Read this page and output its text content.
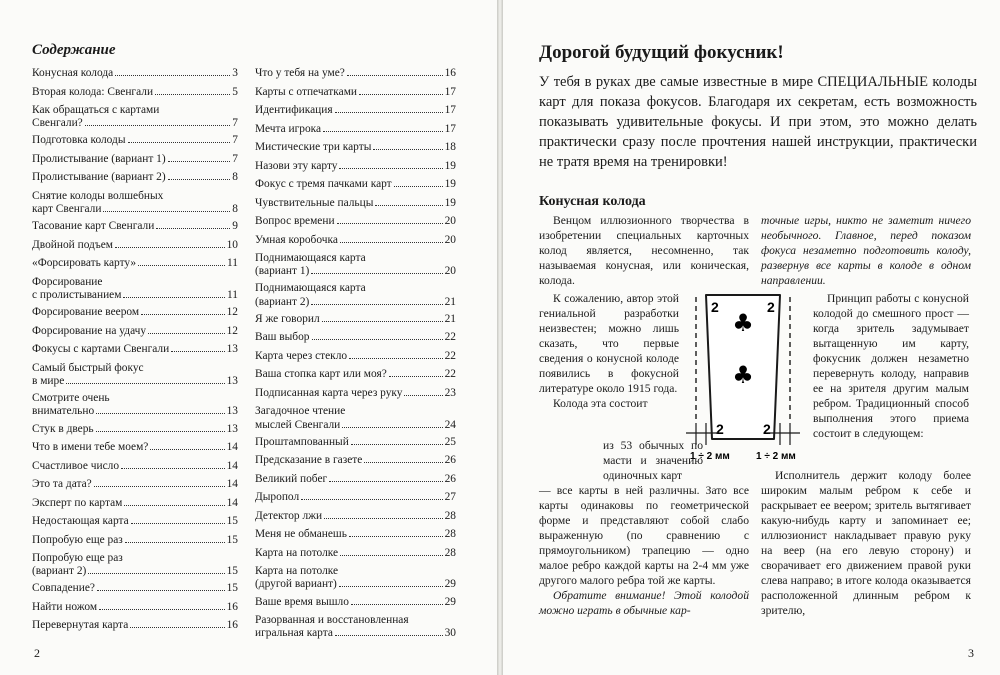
Содержание
Конусная колода	3
Вторая колода: Свенгали	5
Как обращаться с картами
Свенгали?	7
Подготовка колоды	7
Пролистывание (вариант 1)	7
Пролистывание (вариант 2)	8
Снятие колоды волшебных
карт Свенгали	8
Тасование карт Свенгали	9
Двойной подъем	10
«Форсировать карту»	11
Форсирование
с пролистыванием	11
Форсирование веером	12
Форсирование на удачу	12
Фокусы с картами Свенгали	13
Самый быстрый фокус
в мире	13
Смотрите очень
внимательно	13
Стук в дверь	13
Что в имени тебе моем?	14
Счастливое число	14
Это та дата?	14
Эксперт по картам	14
Недостающая карта	15
Попробую еще раз	15
Попробую еще раз
(вариант 2)	15
Совпадение?	15
Найти ножом	16
Перевернутая карта	16
Что у тебя на уме?	16
Карты с отпечатками	17
Идентификация	17
Мечта игрока	17
Мистические три карты	18
Назови эту карту	19
Фокус с тремя пачками карт	19
Чувствительные пальцы	19
Вопрос времени	20
Умная коробочка	20
Поднимающаяся карта
(вариант 1)	20
Поднимающаяся карта
(вариант 2)	21
Я же говорил	21
Ваш выбор	22
Карта через стекло	22
Ваша стопка карт или моя?	22
Подписанная карта через руку	23
Загадочное чтение
мыслей Свенгали	24
Проштампованный	25
Предсказание в газете	26
Великий побег	26
Дыропол	27
Детектор лжи	28
Меня не обманешь	28
Карта на потолке	28
Карта на потолке
(другой вариант)	29
Ваше время вышло	29
Разорванная и восстановленная
игральная карта	30
2
Дорогой будущий фокусник!
У тебя в руках две самые известные в мире СПЕЦИАЛЬНЫЕ колоды карт для показа фокусов. Благодаря их секретам, есть возможность показывать удивительные фокусы. И при этом, это можно делать практически сразу после прочтения нашей инструкции, практически не тратя время на тренировки!
Конусная колода

Венцом иллюзионного творчества в изобретении специальных карточных колод является, несомненно, так называемая конусная, или коническая, колода.

К сожалению, автор этой гениальной разработки неизвестен; можно лишь сказать, что первые сведения о конусной колоде появились в фокусной литературе около 1915 года.

Колода эта состоит

из 53 обычных по масти и значению одиночных карт

— все карты в ней различны. Зато все карты одинаковы по геометрической форме и представляют собой слабо выраженную (по сравнению с прямоугольником) трапецию — одно малое ребро каждой карты на 2-4 мм уже другого малого ребра той же карты.

Обратите внимание! Этой колодой можно играть в обычные кар-

точные игры, никто не заметит ничего необычного. Главное, перед показом фокуса незаметно подготовить колоду, развернув все карты в колоде в одном направлении.

Принцип работы с конусной колодой до смешного прост — когда зритель задумывает вытащенную им карту, фокусник должен незаметно перевернуть колоду, направив ее на зрителя другим малым ребром. Традиционный способ выполнения этого приема состоит в следующем:

Исполнитель держит колоду более широким малым ребром к себе и раскрывает ее веером; зритель вытягивает какую-нибудь карту и запоминает ее; иллюзионист накладывает правую руку на веер (на его левую сторону) и сворачивает его движением правой руки слева направо; в итоге колода оказывается расположенной длинным ребром к зрителю,

3
2	2
2	2
♣
♣
1 ÷ 2 мм	1 ÷ 2 мм
